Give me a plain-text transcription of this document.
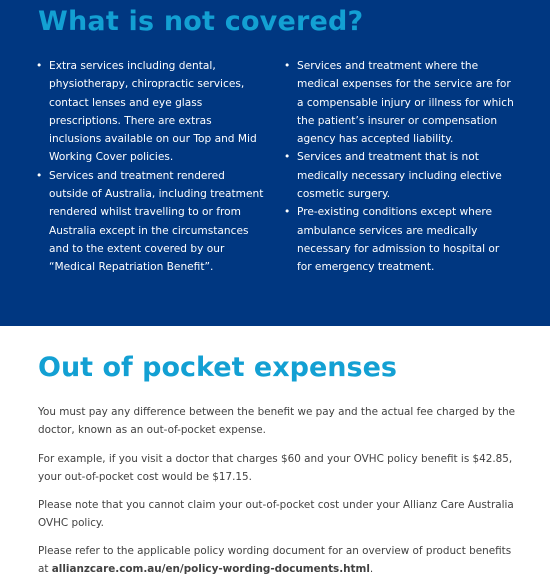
What is not covered?
• Extra services including dental, physiotherapy, chiropractic services, contact lenses and eye glass prescriptions. There are extras inclusions available on our Top and Mid Working Cover policies.
• Services and treatment rendered outside of Australia, including treatment rendered whilst travelling to or from Australia except in the circumstances and to the extent covered by our “Medical Repatriation Benefit”.
• Services and treatment where the medical expenses for the service are for a compensable injury or illness for which the patient’s insurer or compensation agency has accepted liability.
• Services and treatment that is not medically necessary including elective cosmetic surgery.
• Pre-existing conditions except where ambulance services are medically necessary for admission to hospital or for emergency treatment.
Out of pocket expenses

You must pay any difference between the benefit we pay and the actual fee charged by the doctor, known as an out-of-pocket expense.

For example, if you visit a doctor that charges $60 and your OVHC policy benefit is $42.85, your out-of-pocket cost would be $17.15.

Please note that you cannot claim your out-of-pocket cost under your Allianz Care Australia OVHC policy.

Please refer to the applicable policy wording document for an overview of product benefits at allianzcare.com.au/en/policy-wording-documents.html.
